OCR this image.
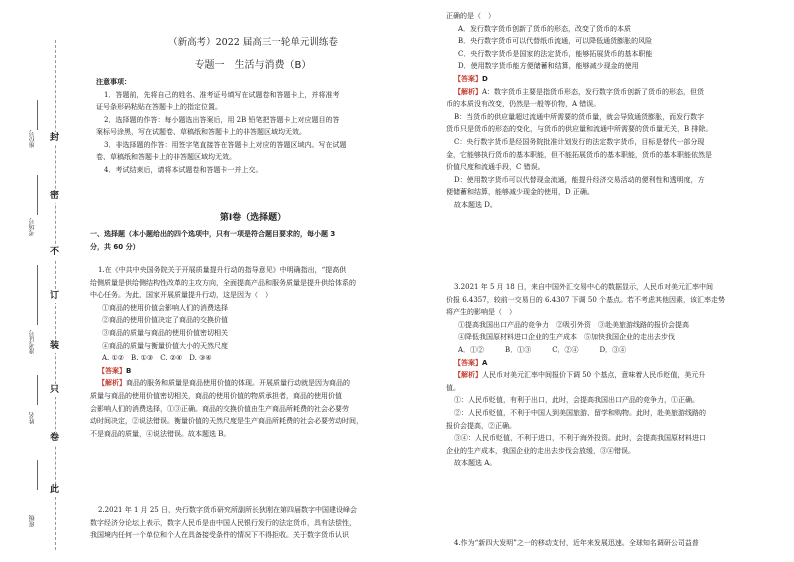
封
密
不
订
装
只
卷
此
座位号
考场号
准考证号
姓名
班级
（新高考）2022 届高三一轮单元训练卷
专题一　生活与消费（B）

注意事项：

1．答题前，先将自己的姓名、准考证号填写在试题卷和答题卡上，并将准考

证号条形码粘贴在答题卡上的指定位置。

2．选择题的作答：每小题选出答案后，用 2B 铅笔把答题卡上对应题目的答

案标号涂黑，写在试题卷、草稿纸和答题卡上的非答题区域均无效。

3．非选择题的作答：用签字笔直接答在答题卡上对应的答题区域内。写在试题

卷、草稿纸和答题卡上的非答题区域均无效。

4．考试结束后，请将本试题卷和答题卡一并上交。

第Ⅰ卷（选择题）

一、选择题（本小题给出的四个选项中，只有一项是符合题目要求的，每小题 3

分，共 60 分）

1.在《中共中央国务院关于开展质量提升行动的指导意见》中明确指出，“提高供

给侧质量是供给侧结构性改革的主攻方向，全面提高产品和服务质量是提升供给体系的

中心任务。为此，国家开展质量提升行动，这是因为（　）

①商品的使用价值会影响人们的消费选择

②商品的使用价值决定了商品的交换价值

③商品的质量与商品的使用价值密切相关

④商品的质量与衡量价值大小的天然尺度

A. ①②　B. ①③　C. ②④　D. ③④

【答案】B

【解析】商品的服务和质量是商品使用价值的体现。开展质量行动就是因为商品的

质量与商品的使用价值密切相关，商品的使用价值的物质承担者，商品的使用价值

会影响人们的消费选择，①③正确。商品的交换价值由生产商品所耗费的社会必要劳

动时间决定，②说法错误。衡量价值的天然尺度是生产商品所耗费的社会必要劳动时间，

不是商品的质量，④说法错误。故本题选 B。

2.2021 年 1 月 25 日，央行数字货币研究所副所长狄刚在第四届数字中国建设峰会

数字经济分论坛上表示，数字人民币是由中国人民银行发行的法定货币，具有法偿性，

我国境内任何一个单位和个人在具备接受条件的情况下不得拒收。关于数字货币认识

正确的是（　）

A．发行数字货币创新了货币的形态，改变了货币的本质

B．央行数字货币可以代替纸币流通，可以降低通货膨胀的风险

C．央行数字货币是国家的法定货币，能够拓展货币的基本职能

D．使用数字货币能方便储蓄和结算，能够减少现金的使用

【答案】D

【解析】A：数字货币主要是指货币形态，发行数字货币创新了货币的形态，但货

币的本质没有改变，仍然是一般等价物，A 错误。

B：当货币的供应量超过流通中所需要的货币量，就会导致通货膨胀，而发行数字

货币只是货币的形态的变化，与货币的供应量和流通中所需要的货币量无关，B 排除。

C：央行数字货币是经国务院批准计划发行的法定数字货币，目标是替代一部分现

金，它能够执行货币的基本职能，但不能拓展货币的基本职能，货币的基本职能依然是

价值尺度和流通手段，C 错误。

D：使用数字货币可以代替现金流通，能提升经济交易活动的便利性和透明度，方

便储蓄和结算，能够减少现金的使用，D 正确。

故本题选 D。

3.2021 年 5 月 18 日，来自中国外汇交易中心的数据显示，人民币对美元汇率中间

价报 6.4357，较前一交易日的 6.4307 下调 50 个基点。若不考虑其他因素，该汇率走势

将产生的影响是（　）

①提高我国出口产品的竞争力　②吸引外资　③赴美旅游线路的报价会提高

④降低我国原材料进口企业的生产成本　⑤加快我国企业的走出去步伐

A．①②　　　B．①③　　　C．②④　　　D．③④

【答案】A

【解析】人民币对美元汇率中间报价下调 50 个基点，意味着人民币贬值，美元升

值。

①：人民币贬值，有利于出口，此时，会提高我国出口产品的竞争力，①正确。

②：人民币贬值，不利于中国人到美国旅游、留学和购物。此时，赴美旅游线路的

报价会提高，②正确。

③④：人民币贬值，不利于进口，不利于海外投资。此时，会提高我国原材料进口

企业的生产成本，我国企业的走出去步伐会放缓，③④错误。

故本题选 A。

4.作为“新四大发明”之一的移动支付，近年来发展迅速。全球知名调研公司益普
